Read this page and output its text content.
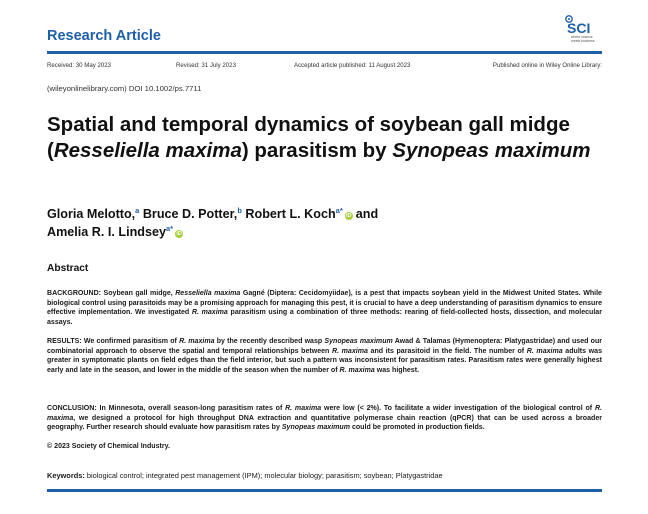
Research Article	SCI
where science
meets business
Received: 30 May 2023	Revised: 31 July 2023	Accepted article published: 11 August 2023	Published online in Wiley Online Library:
(wileyonlinelibrary.com) DOI 10.1002/ps.7711
Spatial and temporal dynamics of soybean gall midge (Resseliella maxima) parasitism by Synopeas maximum
Gloria Melotto,$^a$ Bruce D. Potter,$^b$ Robert L. Koch$^{a*}$iD and
Amelia R. I. Lindsey$^{a*}$iD
Abstract

BACKGROUND: Soybean gall midge, Resseliella maxima Gagné (Diptera: Cecidomyiidae), is a pest that impacts soybean yield in the Midwest United States. While biological control using parasitoids may be a promising approach for managing this pest, it is crucial to have a deep understanding of parasitism dynamics to ensure effective implementation. We investigated R. maxima parasitism using a combination of three methods: rearing of field-collected hosts, dissection, and molecular assays.

RESULTS: We confirmed parasitism of R. maxima by the recently described wasp Synopeas maximum Awad & Talamas (Hymenoptera: Platygastridae) and used our combinatorial approach to observe the spatial and temporal relationships between R. maxima and its parasitoid in the field. The number of R. maxima adults was greater in symptomatic plants on field edges than the field interior, but such a pattern was inconsistent for parasitism rates. Parasitism rates were generally highest early and late in the season, and lower in the middle of the season when the number of R. maxima was highest.

CONCLUSION: In Minnesota, overall season-long parasitism rates of R. maxima were low (< 2%). To facilitate a wider investigation of the biological control of R. maxima, we designed a protocol for high throughput DNA extraction and quantitative polymerase chain reaction (qPCR) that can be used across a broader geography. Further research should evaluate how parasitism rates by Synopeas maximum could be promoted in production fields.

© 2023 Society of Chemical Industry.
Keywords: biological control; integrated pest management (IPM); molecular biology; parasitism; soybean; Platygastridae
